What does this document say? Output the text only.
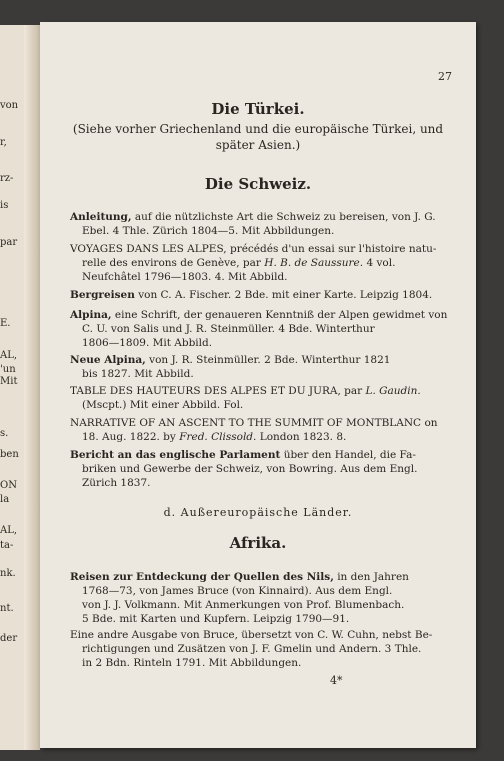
von
r,
rz-
is
par
E.
AL,
'un
Mit
s.
ben
ON
la
AL,
ta-
nk.
nt.
der
27
Die Türkei.
(Siehe vorher Griechenland und die europäische Türkei, und
später Asien.)
Die Schweiz.
Anleitung, auf die nützlichste Art die Schweiz zu bereisen, von J. G.
Ebel. 4 Thle. Zürich 1804—5. Mit Abbildungen.
VOYAGES DANS LES ALPES, précédés d'un essai sur l'histoire natu-
relle des environs de Genève, par H. B. de Saussure. 4 vol.
Neufchâtel 1796—1803. 4. Mit Abbild.
Bergreisen von C. A. Fischer. 2 Bde. mit einer Karte. Leipzig 1804.
Alpina, eine Schrift, der genaueren Kenntniß der Alpen gewidmet von
C. U. von Salis und J. R. Steinmüller. 4 Bde. Winterthur
1806—1809. Mit Abbild.
Neue Alpina, von J. R. Steinmüller. 2 Bde. Winterthur 1821
bis 1827. Mit Abbild.
TABLE DES HAUTEURS DES ALPES ET DU JURA, par L. Gaudin.
(Mscpt.) Mit einer Abbild. Fol.
NARRATIVE OF AN ASCENT TO THE SUMMIT OF MONTBLANC on
18. Aug. 1822. by Fred. Clissold. London 1823. 8.
Bericht an das englische Parlament über den Handel, die Fa-
briken und Gewerbe der Schweiz, von Bowring. Aus dem Engl.
Zürich 1837.
d. Außereuropäische Länder.
Afrika.
Reisen zur Entdeckung der Quellen des Nils, in den Jahren
1768—73, von James Bruce (von Kinnaird). Aus dem Engl.
von J. J. Volkmann. Mit Anmerkungen von Prof. Blumenbach.
5 Bde. mit Karten und Kupfern. Leipzig 1790—91.
Eine andre Ausgabe von Bruce, übersetzt von C. W. Cuhn, nebst Be-
richtigungen und Zusätzen von J. F. Gmelin und Andern. 3 Thle.
in 2 Bdn. Rinteln 1791. Mit Abbildungen.
4*
